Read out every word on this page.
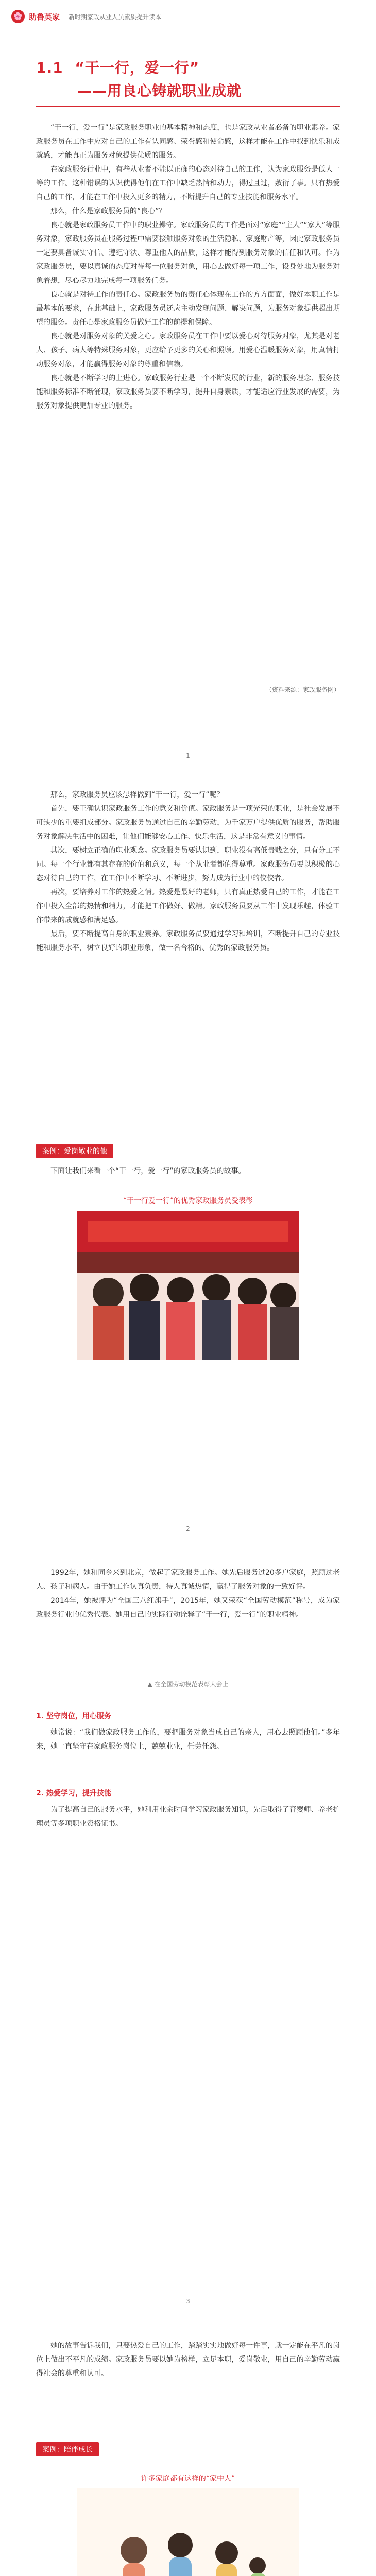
🌸 助鲁英家 新时期家政从业人员素质提升读本
1.1 “干一行，爱一行”
——用良心铸就职业成就

“干一行，爱一行”是家政服务职业的基本精神和态度，也是家政从业者必备的职业素养。家政服务员在工作中应对自己的工作有认同感、荣誉感和使命感，这样才能在工作中找到快乐和成就感，才能真正为服务对象提供优质的服务。

在家政服务行业中，有些从业者不能以正确的心态对待自己的工作，认为家政服务是低人一等的工作。这种错误的认识使得他们在工作中缺乏热情和动力，得过且过，敷衍了事。只有热爱自己的工作，才能在工作中投入更多的精力，不断提升自己的专业技能和服务水平。

那么，什么是家政服务员的“良心”？

良心就是家政服务员工作中的职业操守。家政服务员的工作是面对“家庭”“主人”“家人”等服务对象，家政服务员在服务过程中需要接触服务对象的生活隐私、家庭财产等，因此家政服务员一定要具备诚实守信、遵纪守法、尊重他人的品质，这样才能得到服务对象的信任和认可。作为家政服务员，要以真诚的态度对待每一位服务对象，用心去做好每一项工作，设身处地为服务对象着想，尽心尽力地完成每一项服务任务。

良心就是对待工作的责任心。家政服务员的责任心体现在工作的方方面面，做好本职工作是最基本的要求，在此基础上，家政服务员还应主动发现问题、解决问题，为服务对象提供超出期望的服务。责任心是家政服务员做好工作的前提和保障。

良心就是对服务对象的关爱之心。家政服务员在工作中要以爱心对待服务对象，尤其是对老人、孩子、病人等特殊服务对象，更应给予更多的关心和照顾。用爱心温暖服务对象，用真情打动服务对象，才能赢得服务对象的尊重和信赖。

良心就是不断学习的上进心。家政服务行业是一个不断发展的行业，新的服务理念、服务技能和服务标准不断涌现，家政服务员要不断学习，提升自身素质，才能适应行业发展的需要，为服务对象提供更加专业的服务。

（资料来源：家政服务网）
1

那么，家政服务员应该怎样做到“干一行，爱一行”呢？

首先，要正确认识家政服务工作的意义和价值。家政服务是一项光荣的职业，是社会发展不可缺少的重要组成部分。家政服务员通过自己的辛勤劳动，为千家万户提供优质的服务，帮助服务对象解决生活中的困难，让他们能够安心工作、快乐生活，这是非常有意义的事情。

其次，要树立正确的职业观念。家政服务员要认识到，职业没有高低贵贱之分，只有分工不同。每一个行业都有其存在的价值和意义，每一个从业者都值得尊重。家政服务员要以积极的心态对待自己的工作，在工作中不断学习、不断进步，努力成为行业中的佼佼者。

再次，要培养对工作的热爱之情。热爱是最好的老师，只有真正热爱自己的工作，才能在工作中投入全部的热情和精力，才能把工作做好、做精。家政服务员要从工作中发现乐趣，体验工作带来的成就感和满足感。

最后，要不断提高自身的职业素养。家政服务员要通过学习和培训，不断提升自己的专业技能和服务水平，树立良好的职业形象，做一名合格的、优秀的家政服务员。

案例：爱岗敬业的他

下面让我们来看一个“干一行，爱一行”的家政服务员的故事。

“干一行爱一行”的优秀家政服务员受表彰
2

1992年，她和同乡来到北京，做起了家政服务工作。她先后服务过20多户家庭，照顾过老人、孩子和病人。由于她工作认真负责，待人真诚热情，赢得了服务对象的一致好评。

2014年，她被评为“全国三八红旗手”，2015年，她又荣获“全国劳动模范”称号，成为家政服务行业的优秀代表。她用自己的实际行动诠释了“干一行，爱一行”的职业精神。

▲ 在全国劳动模范表彰大会上
1. 坚守岗位，用心服务

她常说：“我们做家政服务工作的，要把服务对象当成自己的亲人，用心去照顾他们。”多年来，她一直坚守在家政服务岗位上，兢兢业业，任劳任怨。

2. 热爱学习，提升技能

为了提高自己的服务水平，她利用业余时间学习家政服务知识，先后取得了育婴师、养老护理员等多项职业资格证书。

3

她的故事告诉我们，只要热爱自己的工作，踏踏实实地做好每一件事，就一定能在平凡的岗位上做出不平凡的成绩。家政服务员要以她为榜样，立足本职，爱岗敬业，用自己的辛勤劳动赢得社会的尊重和认可。

案例：陪伴成长
许多家庭都有这样的“家中人”
